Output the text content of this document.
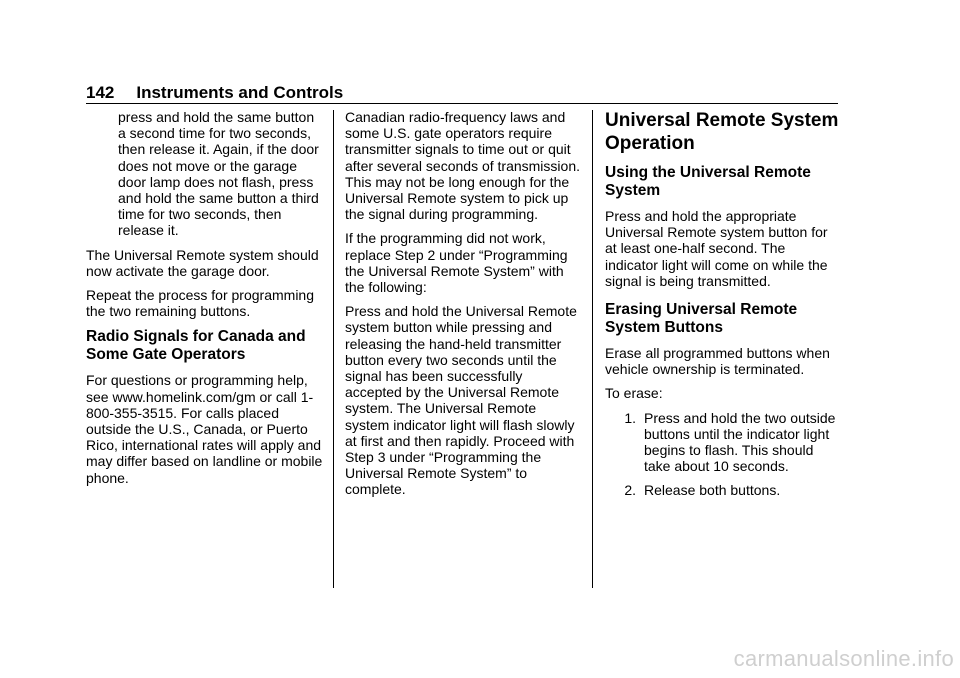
142 Instruments and Controls

press and hold the same button a second time for two seconds, then release it. Again, if the door does not move or the garage door lamp does not flash, press and hold the same button a third time for two seconds, then release it.

The Universal Remote system should now activate the garage door.

Repeat the process for programming the two remaining buttons.

Radio Signals for Canada and Some Gate Operators

For questions or programming help, see www.homelink.com/gm or call 1-800-355-3515. For calls placed outside the U.S., Canada, or Puerto Rico, international rates will apply and may differ based on landline or mobile phone.

Canadian radio-frequency laws and some U.S. gate operators require transmitter signals to time out or quit after several seconds of transmission. This may not be long enough for the Universal Remote system to pick up the signal during programming.

If the programming did not work, replace Step 2 under “Programming the Universal Remote System” with the following:

Press and hold the Universal Remote system button while pressing and releasing the hand-held transmitter button every two seconds until the signal has been successfully accepted by the Universal Remote system. The Universal Remote system indicator light will flash slowly at first and then rapidly. Proceed with Step 3 under “Programming the Universal Remote System” to complete.

Universal Remote System Operation
Using the Universal Remote System

Press and hold the appropriate Universal Remote system button for at least one-half second. The indicator light will come on while the signal is being transmitted.

Erasing Universal Remote System Buttons

Erase all programmed buttons when vehicle ownership is terminated.

To erase:

1. Press and hold the two outside buttons until the indicator light begins to flash. This should take about 10 seconds.
2. Release both buttons.
carmanualsonline.info
